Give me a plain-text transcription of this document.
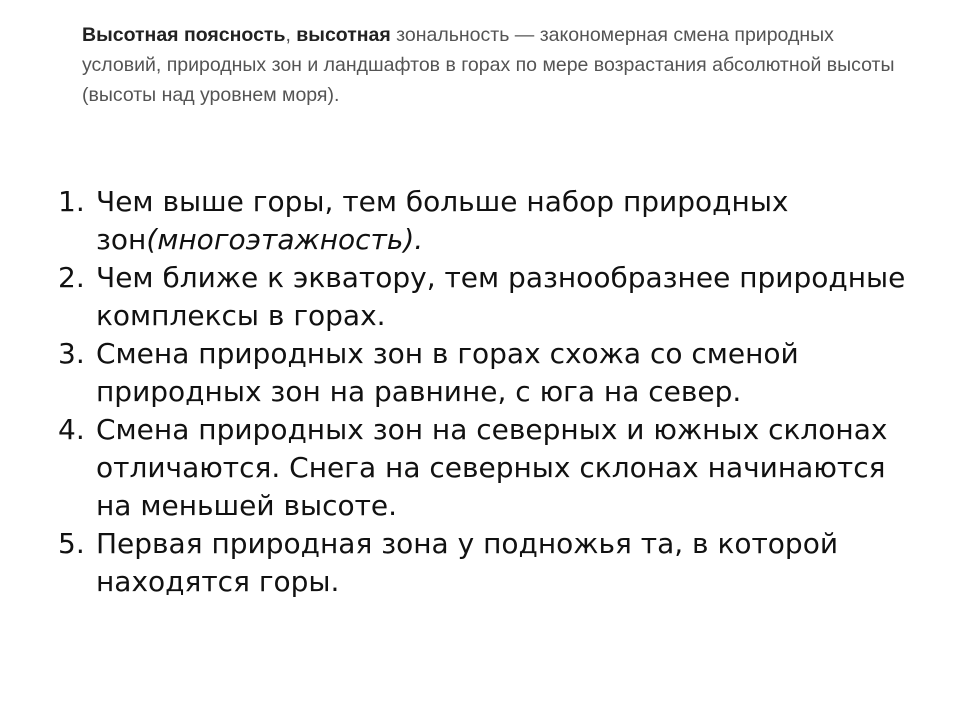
Высотная поясность, высотная зональность — закономерная смена природных условий, природных зон и ландшафтов в горах по мере возрастания абсолютной высоты (высоты над уровнем моря).

1. Чем выше горы, тем больше набор природных зон(многоэтажность).
2. Чем ближе к экватору, тем разнообразнее природные комплексы в горах.
3. Смена природных зон в горах схожа со сменой природных зон на равнине, с юга на север.
4. Смена природных зон на северных и южных склонах отличаются. Снега на северных склонах начинаются на меньшей высоте.
5. Первая природная зона у подножья та, в которой находятся горы.
